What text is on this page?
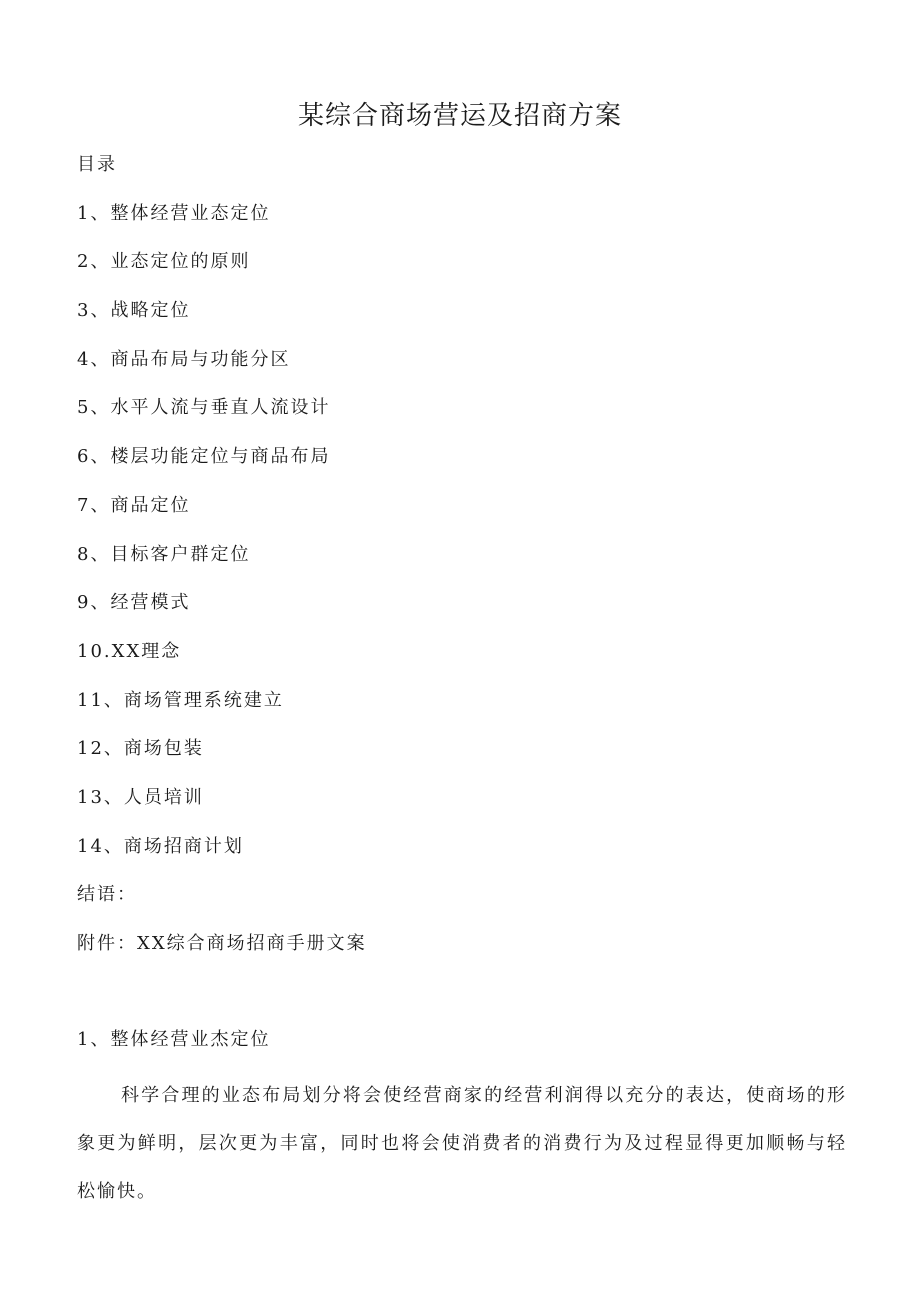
某综合商场营运及招商方案
目录
1、整体经营业态定位
2、业态定位的原则
3、战略定位
4、商品布局与功能分区
5、水平人流与垂直人流设计
6、楼层功能定位与商品布局
7、商品定位
8、目标客户群定位
9、经营模式
10.XX理念
11、商场管理系统建立
12、商场包装
13、人员培训
14、商场招商计划
结语：
附件：XX综合商场招商手册文案
1、整体经营业杰定位

科学合理的业态布局划分将会使经营商家的经营利润得以充分的表达，使商场的形象更为鲜明，层次更为丰富，同时也将会使消费者的消费行为及过程显得更加顺畅与轻松愉快。
